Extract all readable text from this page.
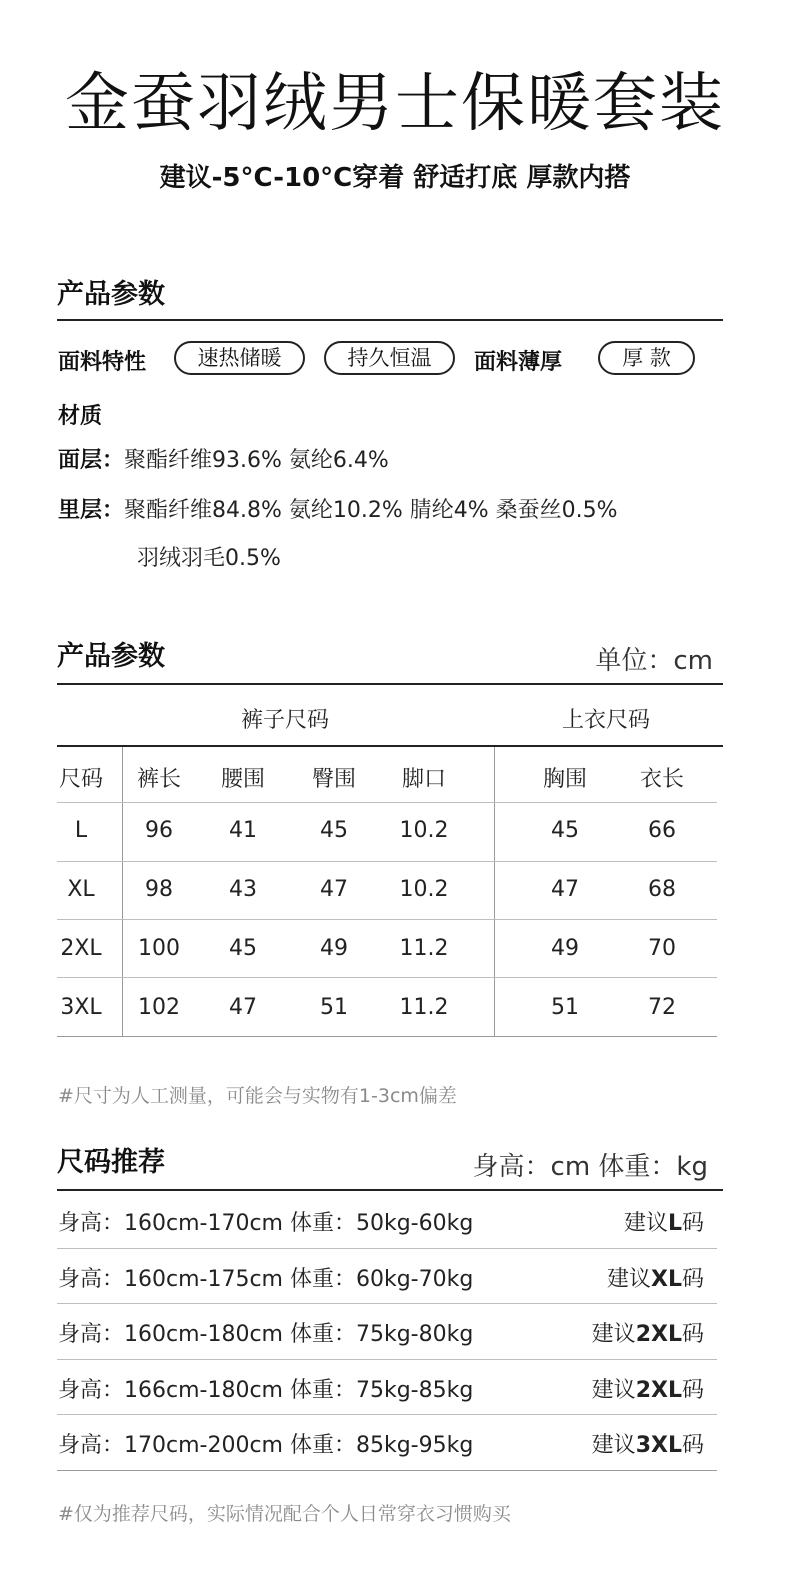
金蚕羽绒男士保暖套装
建议-5°C-10°C穿着 舒适打底 厚款内搭
产品参数
面料特性	速热储暖	持久恒温	面料薄厚	厚 款
材质
面层：聚酯纤维93.6% 氨纶6.4%
里层：聚酯纤维84.8% 氨纶10.2% 腈纶4% 桑蚕丝0.5%
羽绒羽毛0.5%
产品参数	单位：cm
裤子尺码	上衣尺码
尺码	裤长	腰围	臀围	脚口	胸围	衣长
L	96	41	45	10.2	45	66
XL	98	43	47	10.2	47	68
2XL	100	45	49	11.2	49	70
3XL	102	47	51	11.2	51	72
#尺寸为人工测量，可能会与实物有1-3cm偏差
尺码推荐	身高：cm 体重：kg
身高：160cm-170cm 体重：50kg-60kg	建议L码
身高：160cm-175cm 体重：60kg-70kg	建议XL码
身高：160cm-180cm 体重：75kg-80kg	建议2XL码
身高：166cm-180cm 体重：75kg-85kg	建议2XL码
身高：170cm-200cm 体重：85kg-95kg	建议3XL码
#仅为推荐尺码，实际情况配合个人日常穿衣习惯购买
